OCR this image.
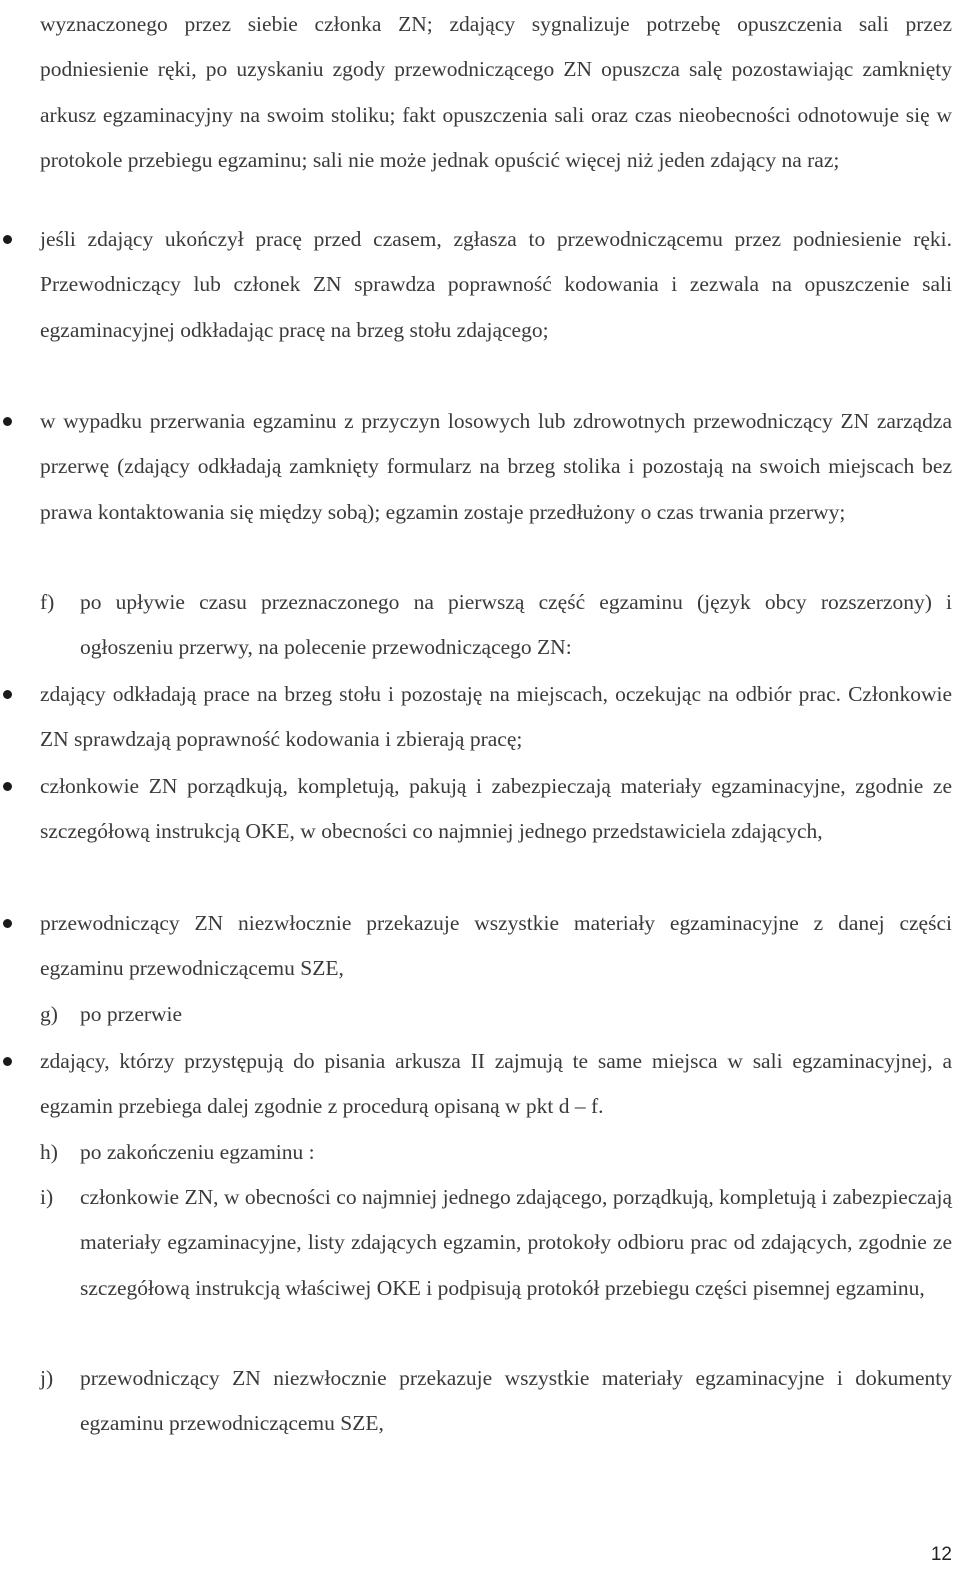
wyznaczonego przez siebie członka ZN; zdający sygnalizuje potrzebę opuszczenia sali przez podniesienie ręki, po uzyskaniu zgody przewodniczącego ZN opuszcza salę pozostawiając zamknięty arkusz egzaminacyjny na swoim stoliku; fakt opuszczenia sali oraz czas nieobecności odnotowuje się w protokole przebiegu egzaminu; sali nie może jednak opuścić więcej niż jeden zdający na raz;
jeśli zdający ukończył pracę przed czasem, zgłasza to przewodniczącemu przez podniesienie ręki. Przewodniczący lub członek ZN sprawdza poprawność kodowania i zezwala na opuszczenie sali egzaminacyjnej odkładając pracę na brzeg stołu zdającego;
w wypadku przerwania egzaminu z przyczyn losowych lub zdrowotnych przewodniczący ZN zarządza przerwę (zdający odkładają zamknięty formularz na brzeg stolika i pozostają na swoich miejscach bez prawa kontaktowania się między sobą); egzamin zostaje przedłużony o czas trwania przerwy;
f) po upływie czasu przeznaczonego na pierwszą część egzaminu (język obcy rozszerzony) i ogłoszeniu przerwy, na polecenie przewodniczącego ZN:
zdający odkładają prace na brzeg stołu i pozostaję na miejscach, oczekując na odbiór prac. Członkowie ZN sprawdzają poprawność kodowania i zbierają pracę;
członkowie ZN porządkują, kompletują, pakują i zabezpieczają materiały egzaminacyjne, zgodnie ze szczegółową instrukcją OKE, w obecności co najmniej jednego przedstawiciela zdających,
przewodniczący ZN niezwłocznie przekazuje wszystkie materiały egzaminacyjne z danej części egzaminu przewodniczącemu SZE,
g) po przerwie
zdający, którzy przystępują do pisania arkusza II zajmują te same miejsca w sali egzaminacyjnej, a egzamin przebiega dalej zgodnie z procedurą opisaną w pkt d – f.
h) po zakończeniu egzaminu :
i) członkowie ZN, w obecności co najmniej jednego zdającego, porządkują, kompletują i zabezpieczają materiały egzaminacyjne, listy zdających egzamin, protokoły odbioru prac od zdających, zgodnie ze szczegółową instrukcją właściwej OKE i podpisują protokół przebiegu części pisemnej egzaminu,
j) przewodniczący ZN niezwłocznie przekazuje wszystkie materiały egzaminacyjne i dokumenty egzaminu przewodniczącemu SZE,
12
